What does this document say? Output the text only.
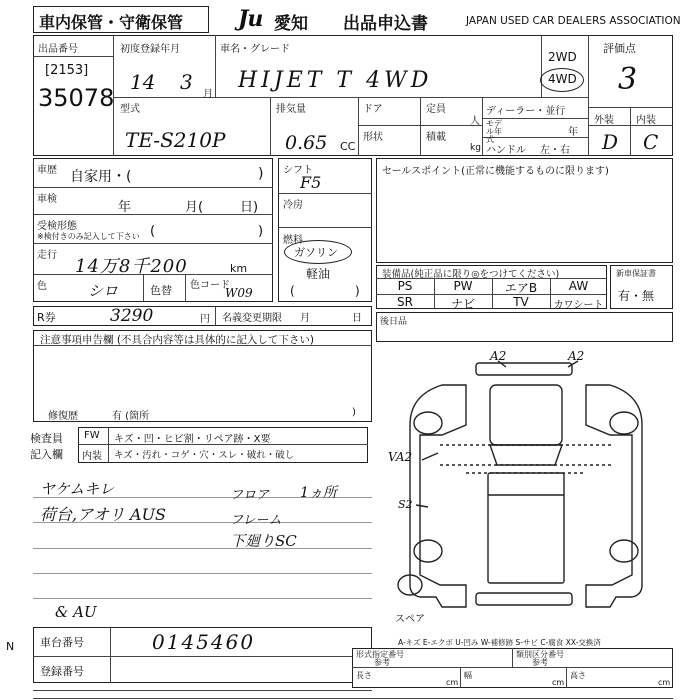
車内保管・守衛保管 Ju 愛知 出品申込書	JAPAN USED CAR DEALERS ASSOCIATION
出品番号
[2153]
35078
初度登録年月
14 3
月
車名・グレード
HIJET T 4WD
2WD
4WD
評価点
3
外装 内装
D C
型式
TE-S210P
排気量
0.65 CC
ドア	定員
人
形状	積載
kg
ディーラー・並行
モデル年式
年
ハンドル 左・右
車歴 自家用・(	)
車検
年	月(	日)
受検形態
※検付きのみ記入して下さい (	)
走行
14万8千200	km
色	シロ	色替 色コード
W09
シフト
F5
冷房
燃料
ガソリン
軽油
(	)
セールスポイント(正常に機能するものに限ります)
装備品(純正品に限り◎をつけてください)
PS	PW	エアB	AW
SR	ナビ	TV	カワシート
新車保証書
有・無
R券	3290	円 名義変更期限 月	日 後日品
注意事項申告欄 (不具合内容等は具体的に記入して下さい)
修復歴	有 (箇所	)
検査員
記入欄
FW キズ・凹・ヒビ割・リペア跡・X要
内装 キズ・汚れ・コゲ・穴・スレ・破れ・破し
ヤケムキレ
荷台,アオリ AUS
フロア 1ヵ所
フレーム
下廻りSC
& AU
車台番号	0145460
登録番号
N	A-キズ E-エクボ U-凹み W-補修跡 S-サビ C-腐食 XX-交換済
形式指定番号
参考
類別区分番号
参考
長さ	幅	高さ
cm	cm	cm
A2	A2
VA2
S2
スペア
